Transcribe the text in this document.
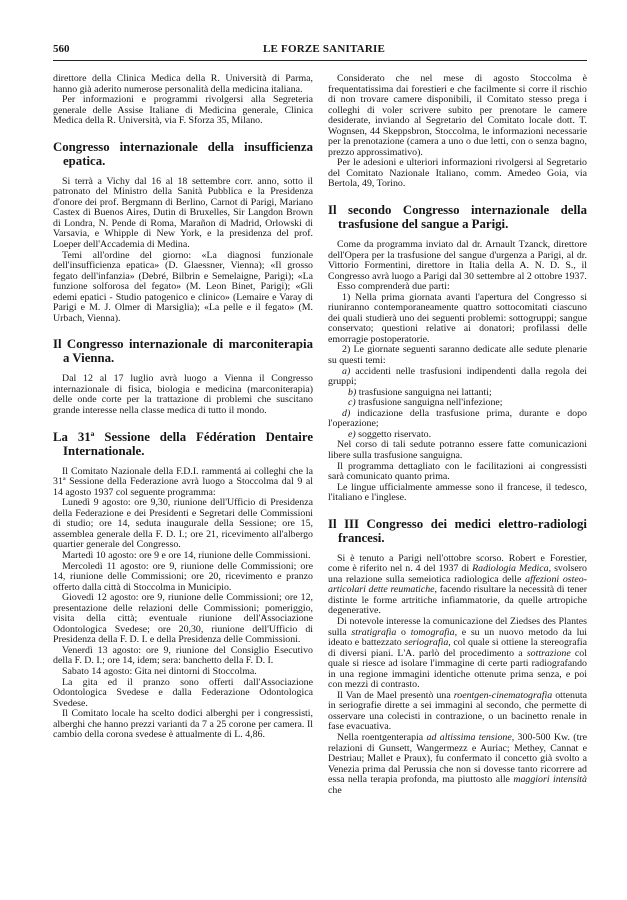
560	LE FORZE SANITARIE

direttore della Clinica Medica della R. Università di Parma, hanno già aderito numerose personalità della medicina italiana.

Per informazioni e programmi rivolgersi alla Segreteria generale delle Assise Italiane di Medicina generale, Clinica Medica della R. Università, via F. Sforza 35, Milano.

Congresso internazionale della insufficienza epatica.

Si terrà a Vichy dal 16 al 18 settembre corr. anno, sotto il patronato del Ministro della Sanità Pubblica e la Presidenza d'onore dei prof. Bergmann di Berlino, Carnot di Parigi, Mariano Castex di Buenos Aires, Dutin di Bruxelles, Sir Langdon Brown di Londra, N. Pende di Roma, Marañon di Madrid, Orlowski di Varsavia, e Whipple di New York, e la presidenza del prof. Loeper dell'Accademia di Medina.

Temi all'ordine del giorno: «La diagnosi funzionale dell'insufficienza epatica» (D. Glaessner, Vienna); «Il grosso fegato dell'infanzia» (Debré, Bilbrin e Semelaigne, Parigi); «La funzione solforosa del fegato» (M. Leon Binet, Parigi); «Gli edemi epatici - Studio patogenico e clinico» (Lemaire e Varay di Parigi e M. J. Olmer di Marsiglia); «La pelle e il fegato» (M. Urbach, Vienna).

Il Congresso internazionale di marconiterapia a Vienna.

Dal 12 al 17 luglio avrà luogo a Vienna il Congresso internazionale di fisica, biologia e medicina (marconiterapia) delle onde corte per la trattazione di problemi che suscitano grande interesse nella classe medica di tutto il mondo.

La 31ª Sessione della Fédération Dentaire Internationale.

Il Comitato Nazionale della F.D.I. rammentá ai colleghi che la 31ª Sessione della Federazione avrà luogo a Stoccolma dal 9 al 14 agosto 1937 col seguente programma:

Lunedì 9 agosto: ore 9,30, riunione dell'Ufficio di Presidenza della Federazione e dei Presidenti e Segretari delle Commissioni di studio; ore 14, seduta inaugurale della Sessione; ore 15, assemblea generale della F. D. I.; ore 21, ricevimento all'albergo quartier generale del Congresso.

Martedì 10 agosto: ore 9 e ore 14, riunione delle Commissioni.

Mercoledì 11 agosto: ore 9, riunione delle Commissioni; ore 14, riunione delle Commissioni; ore 20, ricevimento e pranzo offerto dalla città di Stoccolma in Municipio.

Giovedì 12 agosto: ore 9, riunione delle Commissioni; ore 12, presentazione delle relazioni delle Commissioni; pomeriggio, visita della città; eventuale riunione dell'Associazione Odontologica Svedese; ore 20,30, riunione dell'Ufficio di Presidenza della F. D. I. e della Presidenza delle Commissioni.

Venerdì 13 agosto: ore 9, riunione del Consiglio Esecutivo della F. D. I.; ore 14, idem; sera: banchetto della F. D. I.

Sabato 14 agosto: Gita nei dintorni di Stoccolma.

La gita ed il pranzo sono offerti dall'Associazione Odontologica Svedese e dalla Federazione Odontologica Svedese.

Il Comitato locale ha scelto dodici alberghi per i congressisti, alberghi che hanno prezzi varianti da 7 a 25 corone per camera. Il cambio della corona svedese è attualmente di L. 4,86.

Considerato che nel mese di agosto Stoccolma è frequentatissima dai forestieri e che facilmente si corre il rischio di non trovare camere disponibili, il Comitato stesso prega i colleghi di voler scrivere subito per prenotare le camere desiderate, inviando al Segretario del Comitato locale dott. T. Wognsen, 44 Skeppsbron, Stoccolma, le informazioni necessarie per la prenotazione (camera a uno o due letti, con o senza bagno, prezzo approssimativo).

Per le adesioni e ulteriori informazioni rivolgersi al Segretario del Comitato Nazionale Italiano, comm. Amedeo Goia, via Bertola, 49, Torino.

Il secondo Congresso internazionale della trasfusione del sangue a Parigi.

Come da programma inviato dal dr. Arnault Tzanck, direttore dell'Opera per la trasfusione del sangue d'urgenza a Parigi, al dr. Vittorio Formentini, direttore in Italia della A. N. D. S., il Congresso avrà luogo a Parigi dal 30 settembre al 2 ottobre 1937.

Esso comprenderà due parti:

1) Nella prima giornata avanti l'apertura del Congresso si riuniranno contemporaneamente quattro sottocomitati ciascuno dei quali studierà uno dei seguenti problemi: sottogruppi; sangue conservato; questioni relative ai donatori; profilassi delle emorragie postoperatorie.

2) Le giornate seguenti saranno dedicate alle sedute plenarie su questi temi:

a) accidenti nelle trasfusioni indipendenti dalla regola dei gruppi;

b) trasfusione sanguigna nei lattanti;

c) trasfusione sanguigna nell'infezione;

d) indicazione della trasfusione prima, durante e dopo l'operazione;

e) soggetto riservato.

Nel corso di tali sedute potranno essere fatte comunicazioni libere sulla trasfusione sanguigna.

Il programma dettagliato con le facilitazioni ai congressisti sarà comunicato quanto prima.

Le lingue ufficialmente ammesse sono il francese, il tedesco, l'italiano e l'inglese.

Il III Congresso dei medici elettro-radiologi francesi.

Si è tenuto a Parigi nell'ottobre scorso. Robert e Forestier, come è riferito nel n. 4 del 1937 di Radiologia Medica, svolsero una relazione sulla semeiotica radiologica delle affezioni osteo-articolari dette reumatiche, facendo risultare la necessità di tener distinte le forme artritiche infiammatorie, da quelle artropiche degenerative.

Di notevole interesse la comunicazione del Ziedses des Plantes sulla stratigrafia o tomografia, e su un nuovo metodo da lui ideato e battezzato seriografia, col quale si ottiene la stereografia di diversi piani. L'A. parlò del procedimento a sottrazione col quale si riesce ad isolare l'immagine di certe parti radiografando in una regione immagini identiche ottenute prima senza, e poi con mezzi di contrasto.

Il Van de Mael presentò una roentgen-cinematografia ottenuta in seriografie dirette a sei immagini al secondo, che permette di osservare una colecisti in contrazione, o un bacinetto renale in fase evacuativa.

Nella roentgenterapia ad altissima tensione, 300-500 Kw. (tre relazioni di Gunsett, Wangermezz e Auriac; Methey, Cannat e Destriau; Mallet e Praux), fu confermato il concetto già svolto a Venezia prima dal Perussia che non si dovesse tanto ricorrere ad essa nella terapia profonda, ma piuttosto alle maggiori intensità che
